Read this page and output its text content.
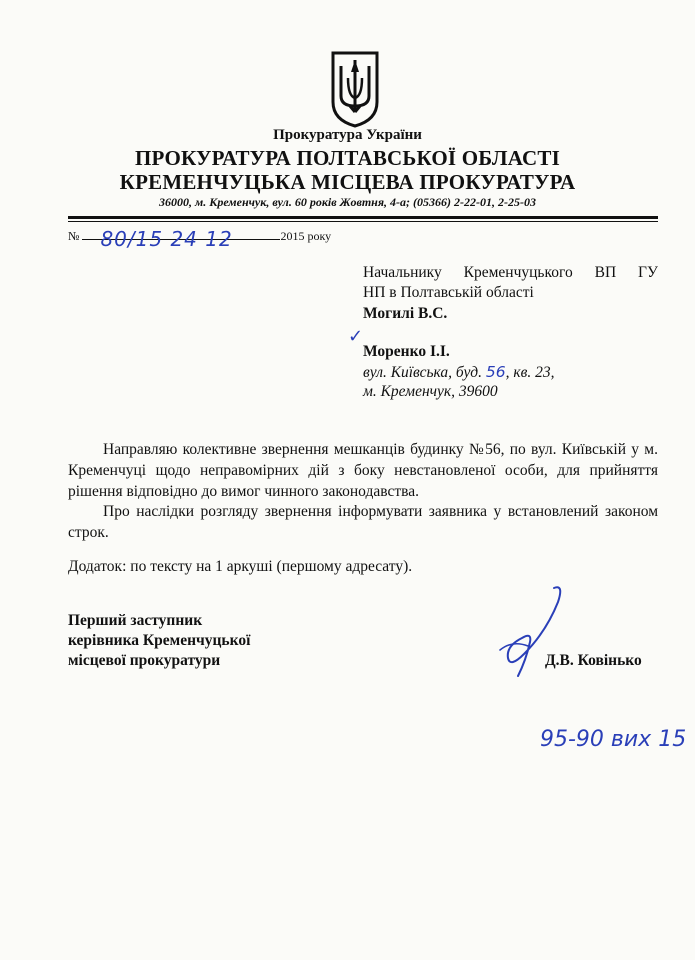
Прокуратура України
ПРОКУРАТУРА ПОЛТАВСЬКОЇ ОБЛАСТІ
КРЕМЕНЧУЦЬКА МІСЦЕВА ПРОКУРАТУРА
36000, м. Кременчук, вул. 60 років Жовтня, 4-а; (05366) 2-22-01, 2-25-03
№ 80/15 24 12	2015 року
Начальнику Кременчуцького ВП ГУ
НП в Полтавській області
Могилі В.С.
✓
Моренко І.І.
вул. Київська, буд. 56, кв. 23,
м. Кременчук, 39600
Направляю колективне звернення мешканців будинку №56, по вул. Київській у м. Кременчуці щодо неправомірних дій з боку невстановленої особи, для прийняття рішення відповідно до вимог чинного законодавства.
Про наслідки розгляду звернення інформувати заявника у встановлений законом строк.
Додаток: по тексту на 1 аркуші (першому адресату).
Перший заступник
керівника Кременчуцької
місцевої прокуратури	Д.В. Ковінько
95-90 вих 15
